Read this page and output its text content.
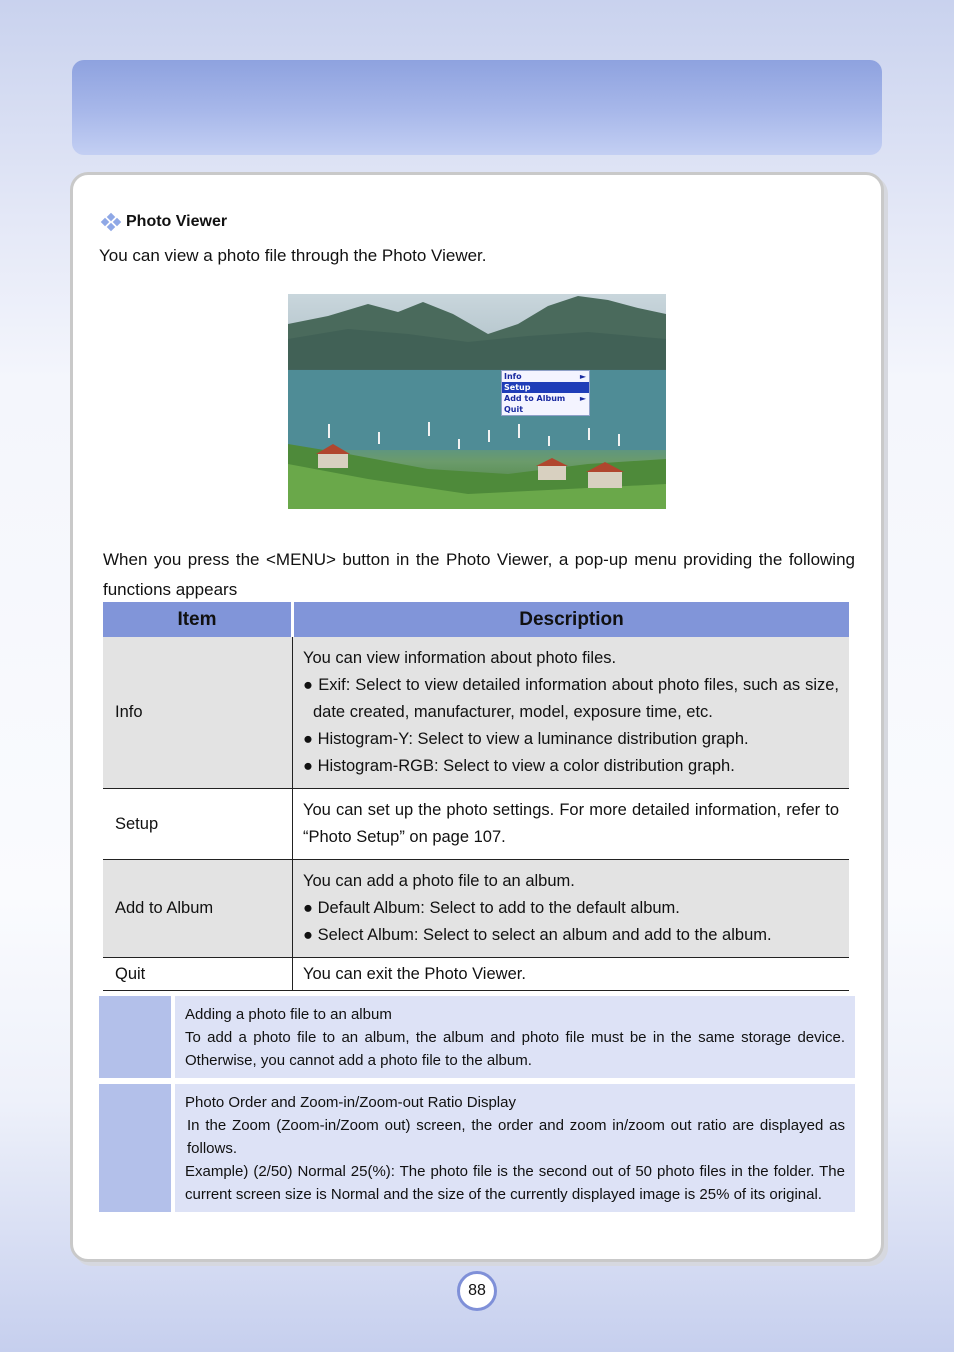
Photo Viewer
You can view a photo file through the Photo Viewer.
Info	►
Setup
Add to Album ►
Quit
When you press the <MENU> button in the Photo Viewer, a pop-up menu providing the following functions appears
Item	Description
Info	You can view information about photo files.
● Exif: Select to view detailed information about photo files, such as size, date created, manufacturer, model, exposure time, etc.
● Histogram-Y: Select to view a luminance distribution graph.
● Histogram-RGB: Select to view a color distribution graph.

Setup	You can set up the photo settings. For more detailed information, refer to “Photo Setup” on page 107.
Add to Album	You can add a photo file to an album.
● Default Album: Select to add to the default album.
● Select Album: Select to select an album and add to the album.

Quit	You can exit the Photo Viewer.
Adding a photo file to an album
To add a photo file to an album, the album and photo file must be in the same storage device. Otherwise, you cannot add a photo file to the album.
Photo Order and Zoom-in/Zoom-out Ratio Display
In the Zoom (Zoom-in/Zoom out) screen, the order and zoom in/zoom out ratio are displayed as follows.
Example) (2/50) Normal 25(%): The photo file is the second out of 50 photo files in the folder. The current screen size is Normal and the size of the currently displayed image is 25% of its original.
88
